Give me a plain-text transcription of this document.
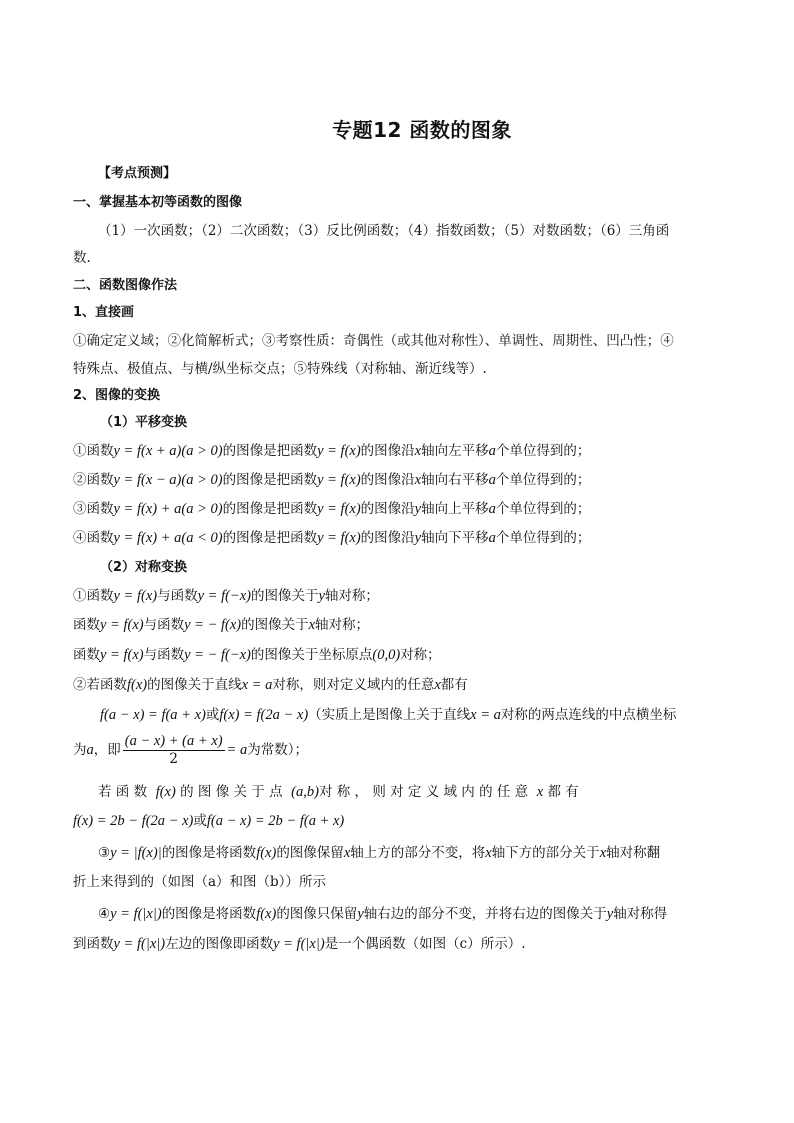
专题12 函数的图象
【考点预测】
一、掌握基本初等函数的图像
（1）一次函数；（2）二次函数；（3）反比例函数；（4）指数函数；（5）对数函数；（6）三角函
数.
二、函数图像作法
1、直接画
①确定定义域；②化简解析式；③考察性质：奇偶性（或其他对称性）、单调性、周期性、凹凸性；④
特殊点、极值点、与横/纵坐标交点；⑤特殊线（对称轴、渐近线等）.
2、图像的变换
（1）平移变换
①函数y = f(x + a)(a > 0)的图像是把函数y = f(x)的图像沿x轴向左平移a个单位得到的；
②函数y = f(x − a)(a > 0)的图像是把函数y = f(x)的图像沿x轴向右平移a个单位得到的；
③函数y = f(x) + a(a > 0)的图像是把函数y = f(x)的图像沿y轴向上平移a个单位得到的；
④函数y = f(x) + a(a < 0)的图像是把函数y = f(x)的图像沿y轴向下平移a个单位得到的；
（2）对称变换
①函数y = f(x)与函数y = f(−x)的图像关于y轴对称；
函数y = f(x)与函数y = − f(x)的图像关于x轴对称；
函数y = f(x)与函数y = − f(−x)的图像关于坐标原点(0,0)对称；
②若函数f(x)的图像关于直线x = a对称，则对定义域内的任意x都有
f(a − x) = f(a + x)或f(x) = f(2a − x)（实质上是图像上关于直线x = a对称的两点连线的中点横坐标
为a，即 $\frac{(a - x) + (a + x)}{2} = a$为常数）；
若 函 数 f(x) 的 图 像 关 于 点 (a,b)对 称 ， 则 对 定 义 域 内 的 任 意 x 都 有
f(x) = 2b − f(2a − x)或f(a − x) = 2b − f(a + x)
③y = |f(x)|的图像是将函数f(x)的图像保留x轴上方的部分不变，将x轴下方的部分关于x轴对称翻
折上来得到的（如图（a）和图（b））所示
④y = f(|x|)的图像是将函数f(x)的图像只保留y轴右边的部分不变，并将右边的图像关于y轴对称得
到函数y = f(|x|)左边的图像即函数y = f(|x|)是一个偶函数（如图（c）所示）.
